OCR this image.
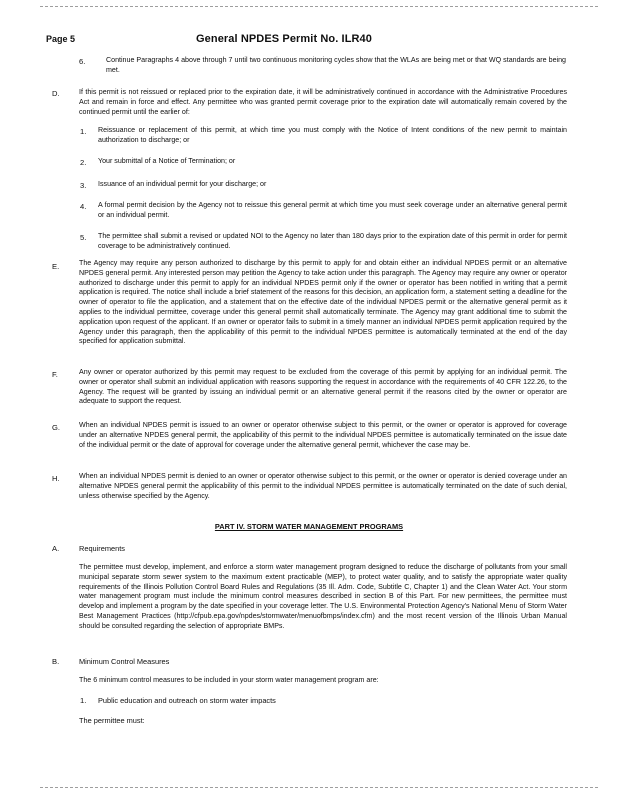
Page 5	General NPDES Permit No. ILR40
6.	Continue Paragraphs 4 above through 7 until two continuous monitoring cycles show that the WLAs are being met or that WQ standards are being met.
D.	If this permit is not reissued or replaced prior to the expiration date, it will be administratively continued in accordance with the Administrative Procedures Act and remain in force and effect. Any permittee who was granted permit coverage prior to the expiration date will automatically remain covered by the continued permit until the earlier of:
1. Reissuance or replacement of this permit, at which time you must comply with the Notice of Intent conditions of the new permit to maintain authorization to discharge; or
2. Your submittal of a Notice of Termination; or
3. Issuance of an individual permit for your discharge; or
4. A formal permit decision by the Agency not to reissue this general permit at which time you must seek coverage under an alternative general permit or an individual permit.
5. The permittee shall submit a revised or updated NOI to the Agency no later than 180 days prior to the expiration date of this permit in order for permit coverage to be administratively continued.
E.	The Agency may require any person authorized to discharge by this permit to apply for and obtain either an individual NPDES permit or an alternative NPDES general permit. Any interested person may petition the Agency to take action under this paragraph. The Agency may require any owner or operator authorized to discharge under this permit to apply for an individual NPDES permit only if the owner or operator has been notified in writing that a permit application is required. The notice shall include a brief statement of the reasons for this decision, an application form, a statement setting a deadline for the owner of operator to file the application, and a statement that on the effective date of the individual NPDES permit or the alternative general permit as it applies to the individual permittee, coverage under this general permit shall automatically terminate. The Agency may grant additional time to submit the application upon request of the applicant. If an owner or operator fails to submit in a timely manner an individual NPDES permit application required by the Agency under this paragraph, then the applicability of this permit to the individual NPDES permittee is automatically terminated at the end of the day specified for application submittal.
F.	Any owner or operator authorized by this permit may request to be excluded from the coverage of this permit by applying for an individual permit. The owner or operator shall submit an individual application with reasons supporting the request in accordance with the requirements of 40 CFR 122.26, to the Agency. The request will be granted by issuing an individual permit or an alternative general permit if the reasons cited by the owner or operator are adequate to support the request.
G.	When an individual NPDES permit is issued to an owner or operator otherwise subject to this permit, or the owner or operator is approved for coverage under an alternative NPDES general permit, the applicability of this permit to the individual NPDES permittee is automatically terminated on the issue date of the individual permit or the date of approval for coverage under the alternative general permit, whichever the case may be.
H.	When an individual NPDES permit is denied to an owner or operator otherwise subject to this permit, or the owner or operator is denied coverage under an alternative NPDES general permit the applicability of this permit to the individual NPDES permittee is automatically terminated on the date of such denial, unless otherwise specified by the Agency.
PART IV. STORM WATER MANAGEMENT PROGRAMS
A.	Requirements
The permittee must develop, implement, and enforce a storm water management program designed to reduce the discharge of pollutants from your small municipal separate storm sewer system to the maximum extent practicable (MEP), to protect water quality, and to satisfy the appropriate water quality requirements of the Illinois Pollution Control Board Rules and Regulations (35 Ill. Adm. Code, Subtitle C, Chapter 1) and the Clean Water Act. Your storm water management program must include the minimum control measures described in section B of this Part. For new permittees, the permittee must develop and implement a program by the date specified in your coverage letter. The U.S. Environmental Protection Agency's National Menu of Storm Water Best Management Practices (http://cfpub.epa.gov/npdes/stormwater/menuofbmps/index.cfm) and the most recent version of the Illinois Urban Manual should be consulted regarding the selection of appropriate BMPs.
B.	Minimum Control Measures
The 6 minimum control measures to be included in your storm water management program are:
1. Public education and outreach on storm water impacts
The permittee must:
